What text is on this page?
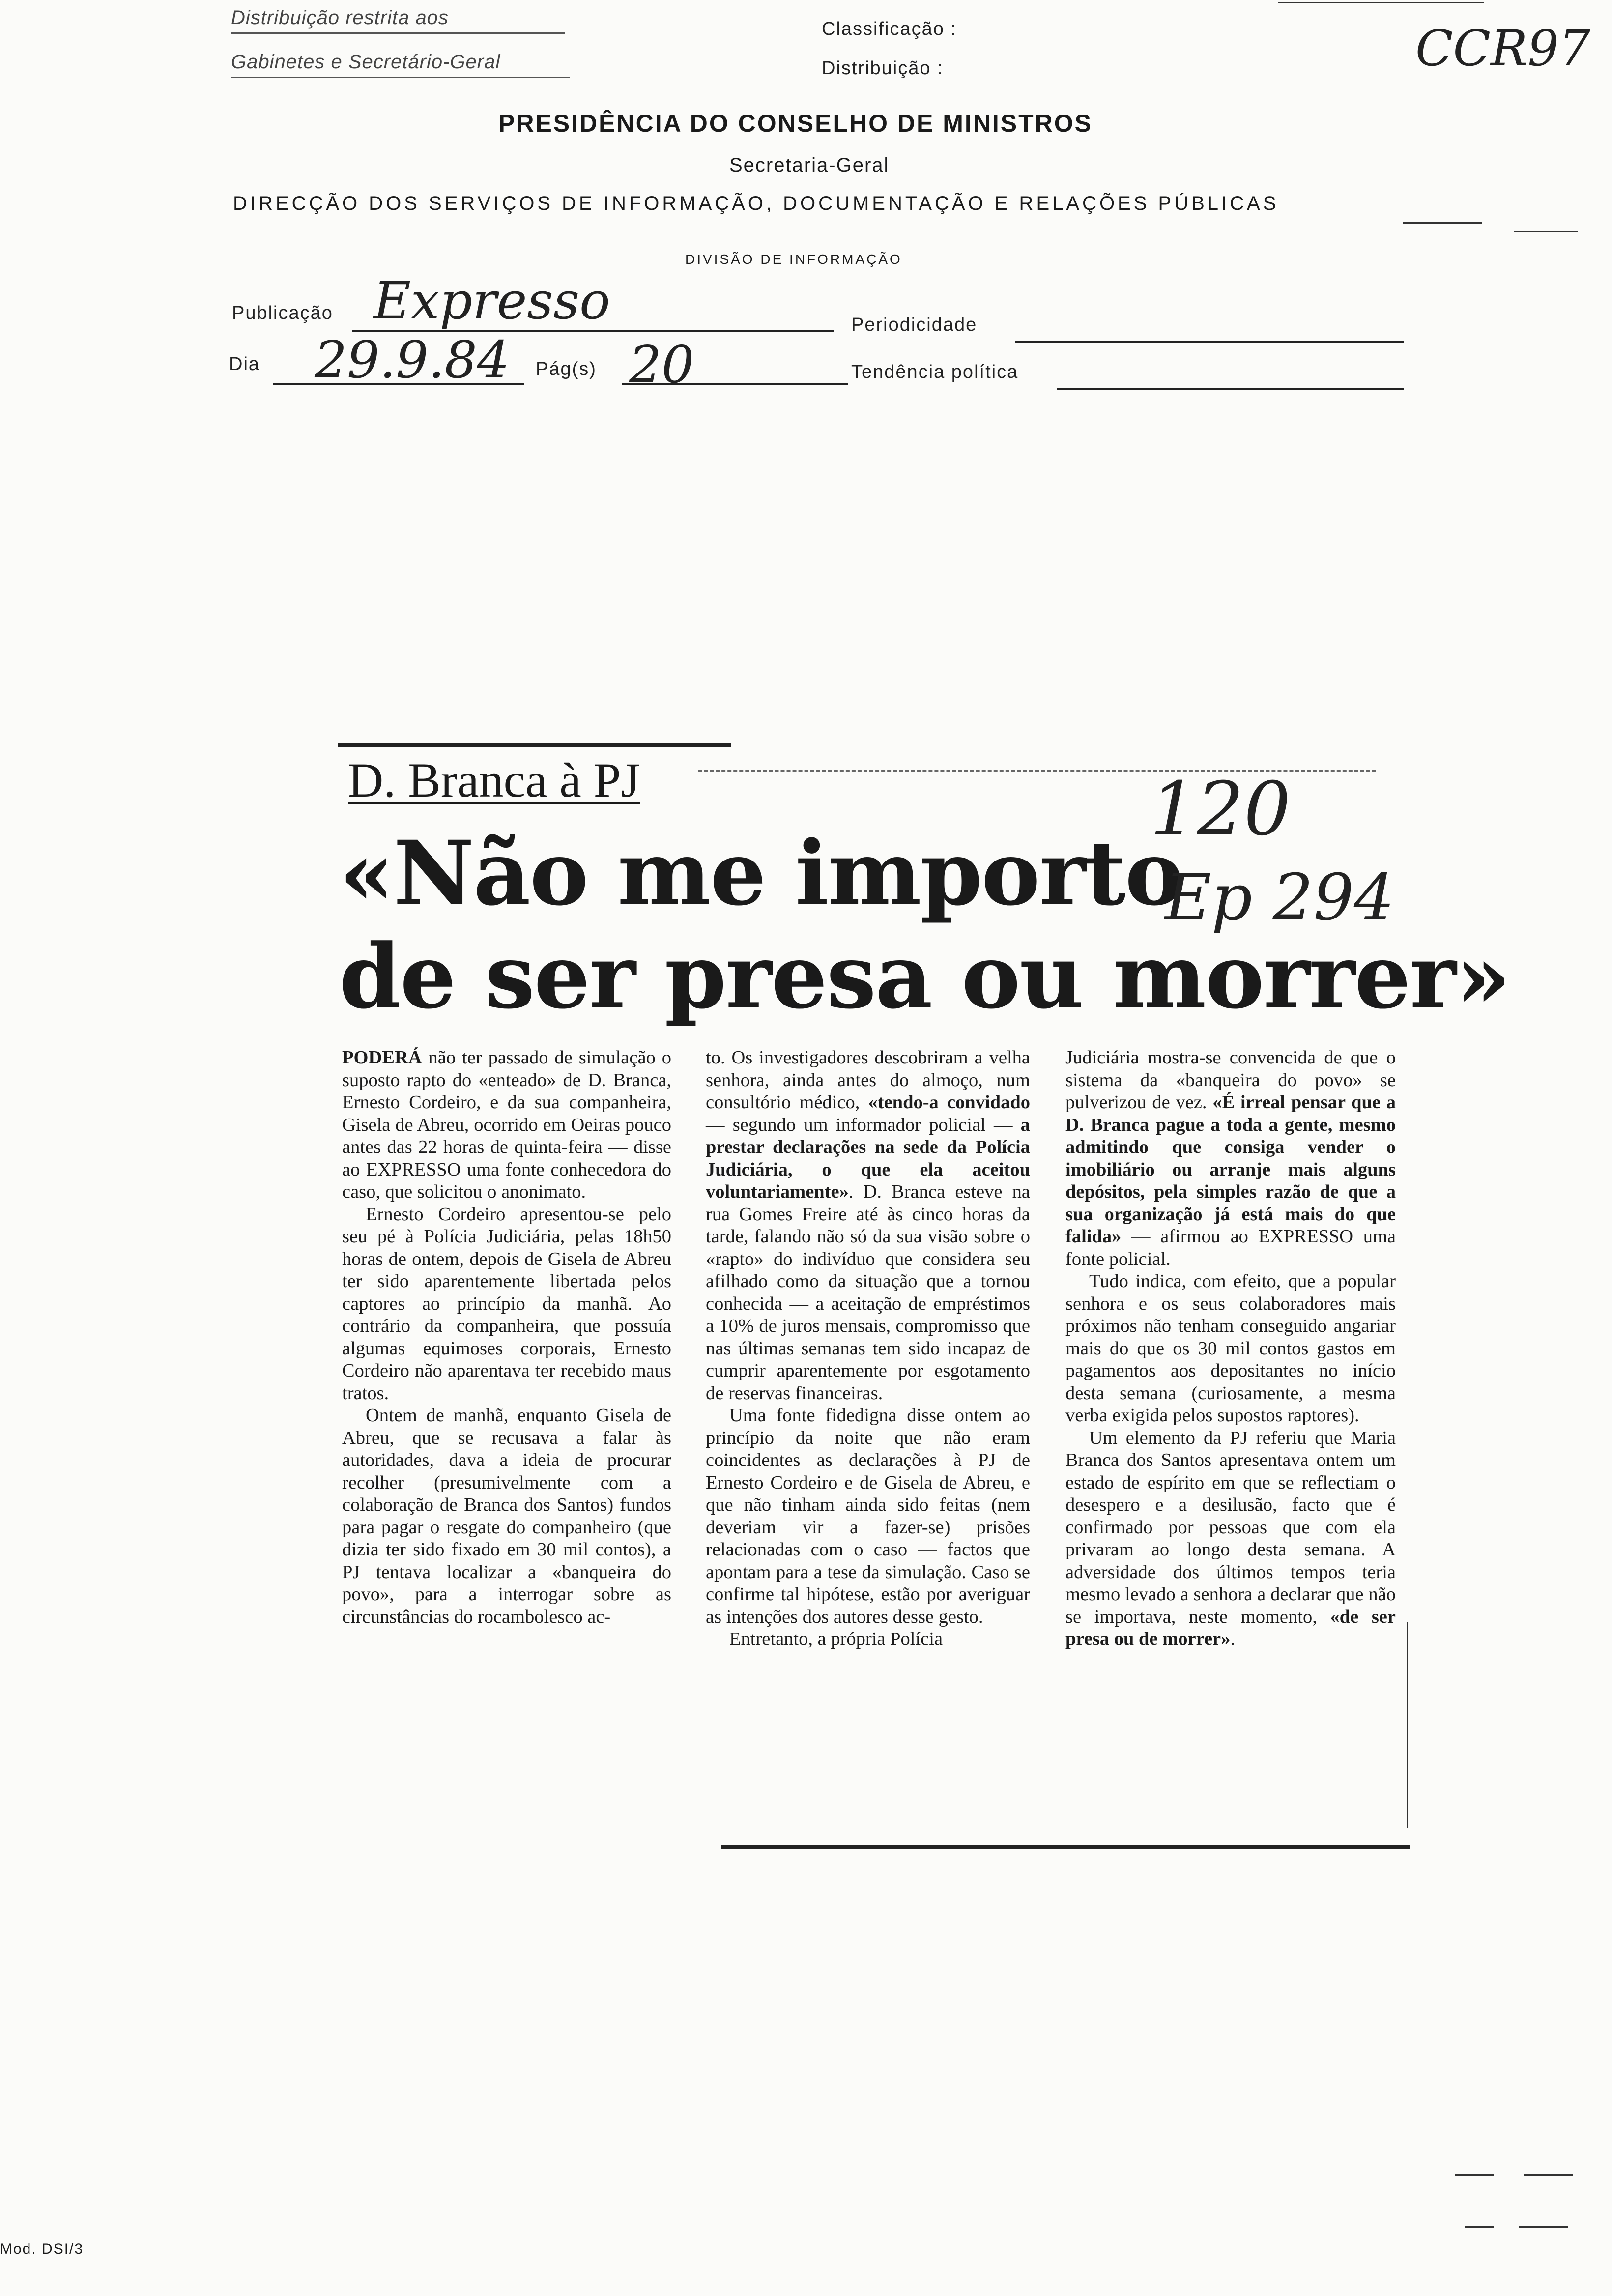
Distribuição restrita aos
Gabinetes e Secretário-Geral
Classificação :
Distribuição :	CCR97
PRESIDÊNCIA DO CONSELHO DE MINISTROS
Secretaria-Geral
DIRECÇÃO DOS SERVIÇOS DE INFORMAÇÃO, DOCUMENTAÇÃO E RELAÇÕES PÚBLICAS
DIVISÃO DE INFORMAÇÃO
Publicação Expresso	Periodicidade
Dia 29.9.84 Pág(s) 20	Tendência política
D. Branca à PJ
«Não me importo
de ser presa ou morrer»
120
Ep 294

PODERÁ não ter passado de simulação o suposto rapto do «enteado» de D. Branca, Ernesto Cordeiro, e da sua companheira, Gisela de Abreu, ocorrido em Oeiras pouco antes das 22 horas de quinta-feira — disse ao EXPRESSO uma fonte conhecedora do caso, que solicitou o anonimato.

Ernesto Cordeiro apresentou-se pelo seu pé à Polícia Judiciária, pelas 18h50 horas de ontem, depois de Gisela de Abreu ter sido aparentemente libertada pelos captores ao princípio da manhã. Ao contrário da companheira, que possuía algumas equimoses corporais, Ernesto Cordeiro não aparentava ter recebido maus tratos.

Ontem de manhã, enquanto Gisela de Abreu, que se recusava a falar às autoridades, dava a ideia de procurar recolher (presumivelmente com a colaboração de Branca dos Santos) fundos para pagar o resgate do companheiro (que dizia ter sido fixado em 30 mil contos), a PJ tentava localizar a «banqueira do povo», para a interrogar sobre as circunstâncias do rocambolesco ac-

to. Os investigadores descobriram a velha senhora, ainda antes do almoço, num consultório médico, «tendo-a convidado — segundo um informador policial — a prestar declarações na sede da Polícia Judiciária, o que ela aceitou voluntariamente». D. Branca esteve na rua Gomes Freire até às cinco horas da tarde, falando não só da sua visão sobre o «rapto» do indivíduo que considera seu afilhado como da situação que a tornou conhecida — a aceitação de empréstimos a 10% de juros mensais, compromisso que nas últimas semanas tem sido incapaz de cumprir aparentemente por esgotamento de reservas financeiras.

Uma fonte fidedigna disse ontem ao princípio da noite que não eram coincidentes as declarações à PJ de Ernesto Cordeiro e de Gisela de Abreu, e que não tinham ainda sido feitas (nem deveriam vir a fazer-se) prisões relacionadas com o caso — factos que apontam para a tese da simulação. Caso se confirme tal hipótese, estão por averiguar as intenções dos autores desse gesto.

Entretanto, a própria Polícia

Judiciária mostra-se convencida de que o sistema da «banqueira do povo» se pulverizou de vez. «É irreal pensar que a D. Branca pague a toda a gente, mesmo admitindo que consiga vender o imobiliário ou arranje mais alguns depósitos, pela simples razão de que a sua organização já está mais do que falida» — afirmou ao EXPRESSO uma fonte policial.

Tudo indica, com efeito, que a popular senhora e os seus colaboradores mais próximos não tenham conseguido angariar mais do que os 30 mil contos gastos em pagamentos aos depositantes no início desta semana (curiosamente, a mesma verba exigida pelos supostos raptores).

Um elemento da PJ referiu que Maria Branca dos Santos apresentava ontem um estado de espírito em que se reflectiam o desespero e a desilusão, facto que é confirmado por pessoas que com ela privaram ao longo desta semana. A adversidade dos últimos tempos teria mesmo levado a senhora a declarar que não se importava, neste momento, «de ser presa ou de morrer».

Mod. DSI/3
